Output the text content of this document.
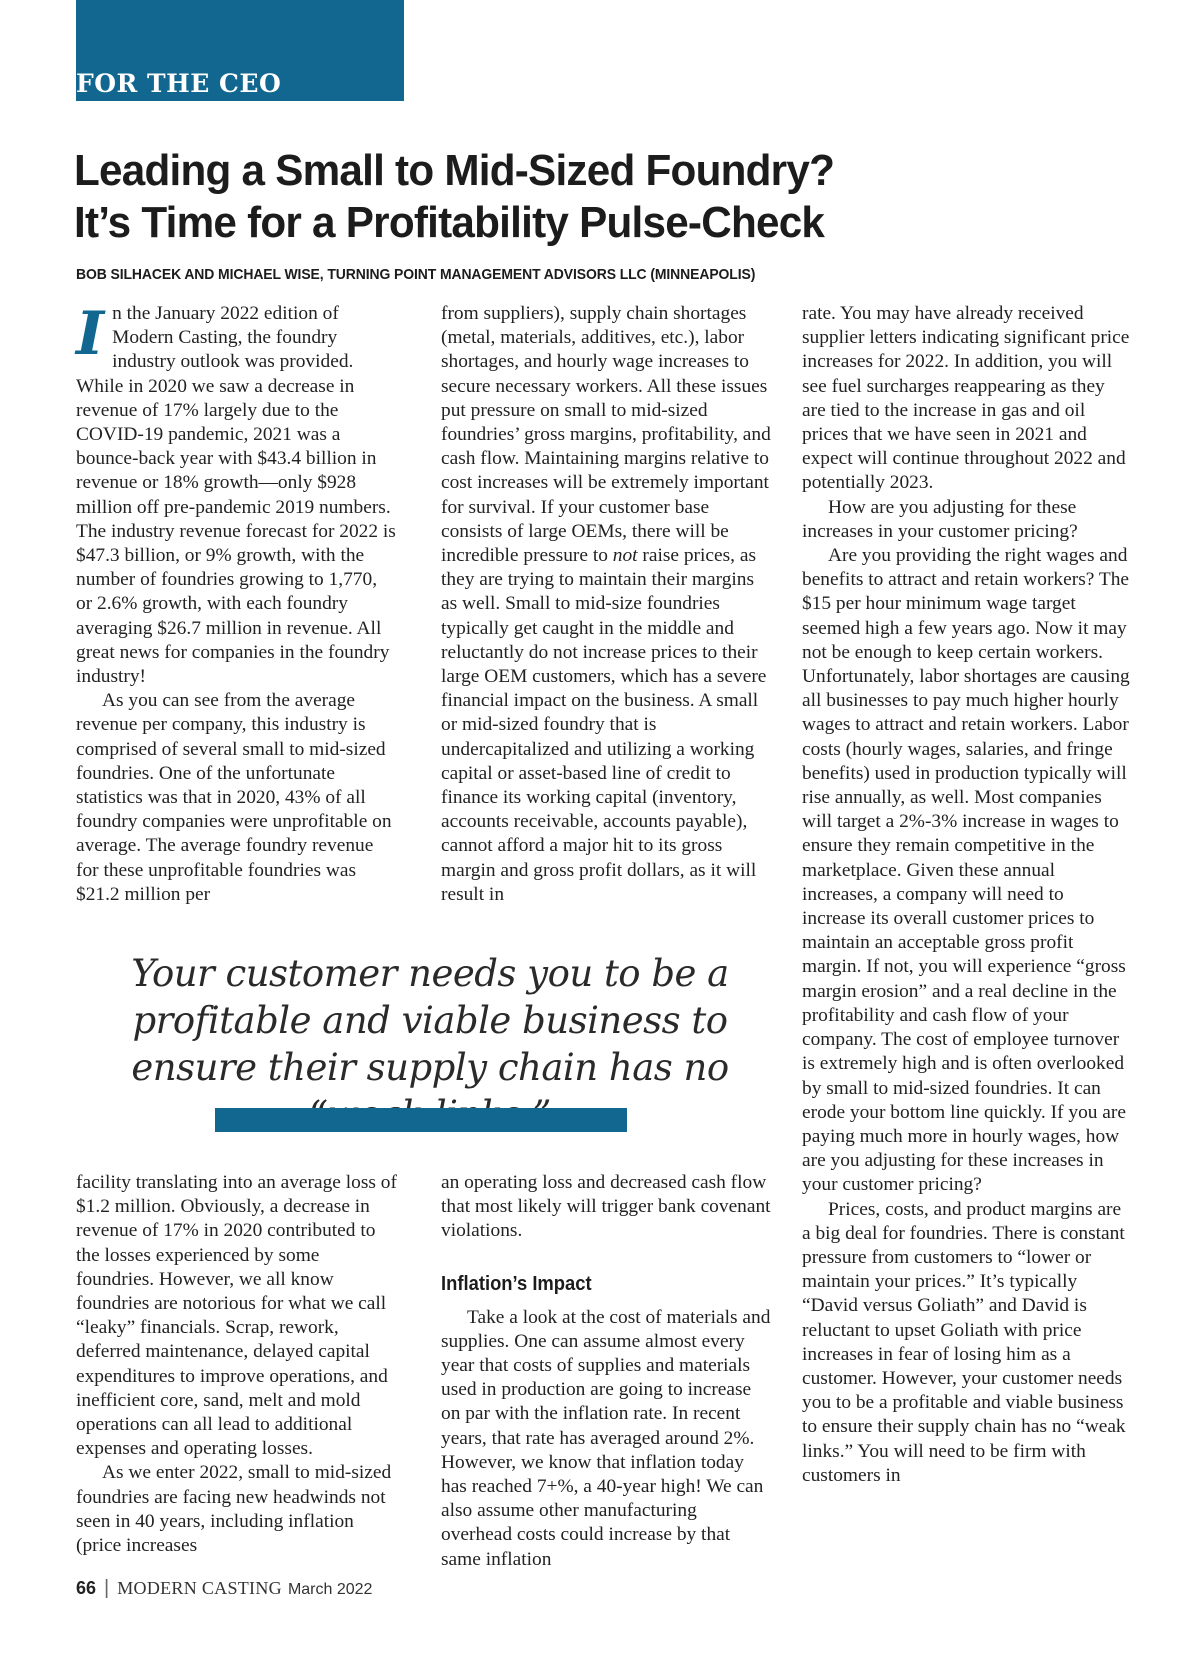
FOR THE CEO
Leading a Small to Mid-Sized Foundry?
It’s Time for a Profitability Pulse-Check
BOB SILHACEK AND MICHAEL WISE, TURNING POINT MANAGEMENT ADVISORS LLC (MINNEAPOLIS)

In the January 2022 edition of Modern Casting, the foundry industry outlook was provided. While in 2020 we saw a decrease in revenue of 17% largely due to the COVID-19 pandemic, 2021 was a bounce-back year with $43.4 billion in revenue or 18% growth—only $928 million off pre-pandemic 2019 numbers. The industry revenue forecast for 2022 is $47.3 billion, or 9% growth, with the number of foundries growing to 1,770, or 2.6% growth, with each foundry averaging $26.7 million in revenue. All great news for companies in the foundry industry!

As you can see from the average revenue per company, this industry is comprised of several small to mid-sized foundries. One of the unfortunate statistics was that in 2020, 43% of all foundry companies were unprofitable on average. The average foundry revenue for these unprofitable foundries was $21.2 million per

from suppliers), supply chain shortages (metal, materials, additives, etc.), labor shortages, and hourly wage increases to secure necessary workers. All these issues put pressure on small to mid-sized foundries’ gross margins, profitability, and cash flow. Maintaining margins relative to cost increases will be extremely important for survival. If your customer base consists of large OEMs, there will be incredible pressure to not raise prices, as they are trying to maintain their margins as well. Small to mid-size foundries typically get caught in the middle and reluctantly do not increase prices to their large OEM customers, which has a severe financial impact on the business. A small or mid-sized foundry that is undercapitalized and utilizing a working capital or asset-based line of credit to finance its working capital (inventory, accounts receivable, accounts payable), cannot afford a major hit to its gross margin and gross profit dollars, as it will result in

rate. You may have already received supplier letters indicating significant price increases for 2022. In addition, you will see fuel surcharges reappearing as they are tied to the increase in gas and oil prices that we have seen in 2021 and expect will continue throughout 2022 and potentially 2023.

How are you adjusting for these increases in your customer pricing?

Are you providing the right wages and benefits to attract and retain workers? The $15 per hour minimum wage target seemed high a few years ago. Now it may not be enough to keep certain workers. Unfortunately, labor shortages are causing all businesses to pay much higher hourly wages to attract and retain workers. Labor costs (hourly wages, salaries, and fringe benefits) used in production typically will rise annually, as well. Most companies will target a 2%-3% increase in wages to ensure they remain competitive in the marketplace. Given these annual increases, a company will need to increase its overall customer prices to maintain an acceptable gross profit margin. If not, you will experience “gross margin erosion” and a real decline in the profitability and cash flow of your company. The cost of employee turnover is extremely high and is often overlooked by small to mid-sized foundries. It can erode your bottom line quickly. If you are paying much more in hourly wages, how are you adjusting for these increases in your customer pricing?

Prices, costs, and product margins are a big deal for foundries. There is constant pressure from customers to “lower or maintain your prices.” It’s typically “David versus Goliath” and David is reluctant to upset Goliath with price increases in fear of losing him as a customer. However, your customer needs you to be a profitable and viable business to ensure their supply chain has no “weak links.” You will need to be firm with customers in

Your customer needs you to be a profitable and viable business to ensure their supply chain has no

facility translating into an average loss of $1.2 million. Obviously, a decrease in revenue of 17% in 2020 contributed to the losses experienced by some foundries. However, we all know foundries are notorious for what we call “leaky” financials. Scrap, rework, deferred maintenance, delayed capital expenditures to improve operations, and inefficient core, sand, melt and mold operations can all lead to additional expenses and operating losses.

As we enter 2022, small to mid-sized foundries are facing new headwinds not seen in 40 years, including inflation (price increases

an operating loss and decreased cash flow that most likely will trigger bank covenant violations.

Inflation’s Impact

Take a look at the cost of materials and supplies. One can assume almost every year that costs of supplies and materials used in production are going to increase on par with the inflation rate. In recent years, that rate has averaged around 2%. However, we know that inflation today has reached 7+%, a 40-year high! We can also assume other manufacturing overhead costs could increase by that same inflation

66 | MODERN CASTING March 2022
